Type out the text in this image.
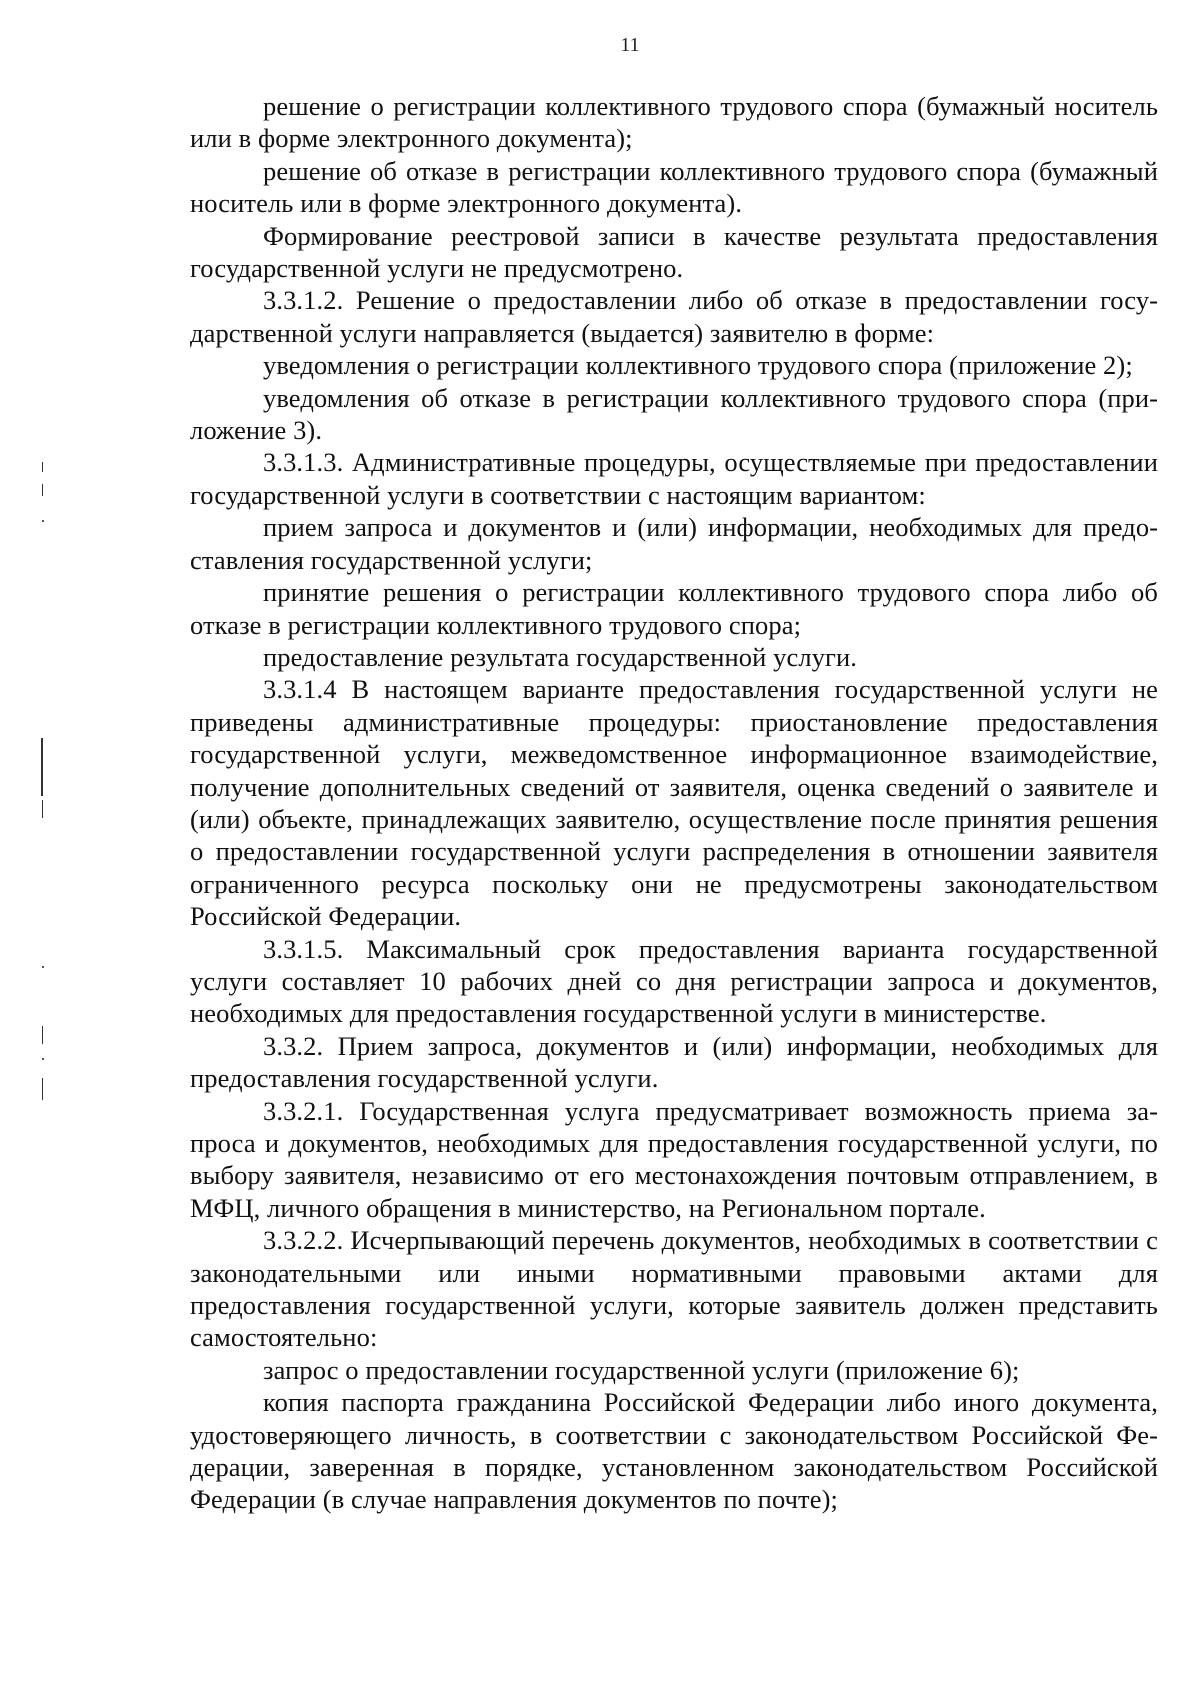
11

решение о регистрации коллективного трудового спора (бумажный носитель или в форме электронного документа);

решение об отказе в регистрации коллективного трудового спора (бумажный носитель или в форме электронного документа).

Формирование реестровой записи в качестве результата предоставления государственной услуги не предусмотрено.

3.3.1.2. Решение о предоставлении либо об отказе в предоставлении государственной услуги направляется (выдается) заявителю в форме:

уведомления о регистрации коллективного трудового спора (приложение 2);

уведомления об отказе в регистрации коллективного трудового спора (приложение 3).

3.3.1.3. Административные процедуры, осуществляемые при предоставлении государственной услуги в соответствии с настоящим вариантом:

прием запроса и документов и (или) информации, необходимых для предоставления государственной услуги;

принятие решения о регистрации коллективного трудового спора либо об отказе в регистрации коллективного трудового спора;

предоставление результата государственной услуги.

3.3.1.4 В настоящем варианте предоставления государственной услуги не приведены административные процедуры: приостановление предоставления государственной услуги, межведомственное информационное взаимодействие, получение дополнительных сведений от заявителя, оценка сведений о заявителе и (или) объекте, принадлежащих заявителю, осуществление после принятия решения о предоставлении государственной услуги распределения в отношении заявителя ограниченного ресурса поскольку они не предусмотрены законодательством Российской Федерации.

3.3.1.5. Максимальный срок предоставления варианта государственной услуги составляет 10 рабочих дней со дня регистрации запроса и документов, необходимых для предоставления государственной услуги в министерстве.

3.3.2. Прием запроса, документов и (или) информации, необходимых для предоставления государственной услуги.

3.3.2.1. Государственная услуга предусматривает возможность приема запроса и документов, необходимых для предоставления государственной услуги, по выбору заявителя, независимо от его местонахождения почтовым отправлением, в МФЦ, личного обращения в министерство, на Региональном портале.

3.3.2.2. Исчерпывающий перечень документов, необходимых в соответствии с законодательными или иными нормативными правовыми актами для предоставления государственной услуги, которые заявитель должен представить самостоятельно:

запрос о предоставлении государственной услуги (приложение 6);

копия паспорта гражданина Российской Федерации либо иного документа, удостоверяющего личность, в соответствии с законодательством Российской Федерации, заверенная в порядке, установленном законодательством Российской Федерации (в случае направления документов по почте);
